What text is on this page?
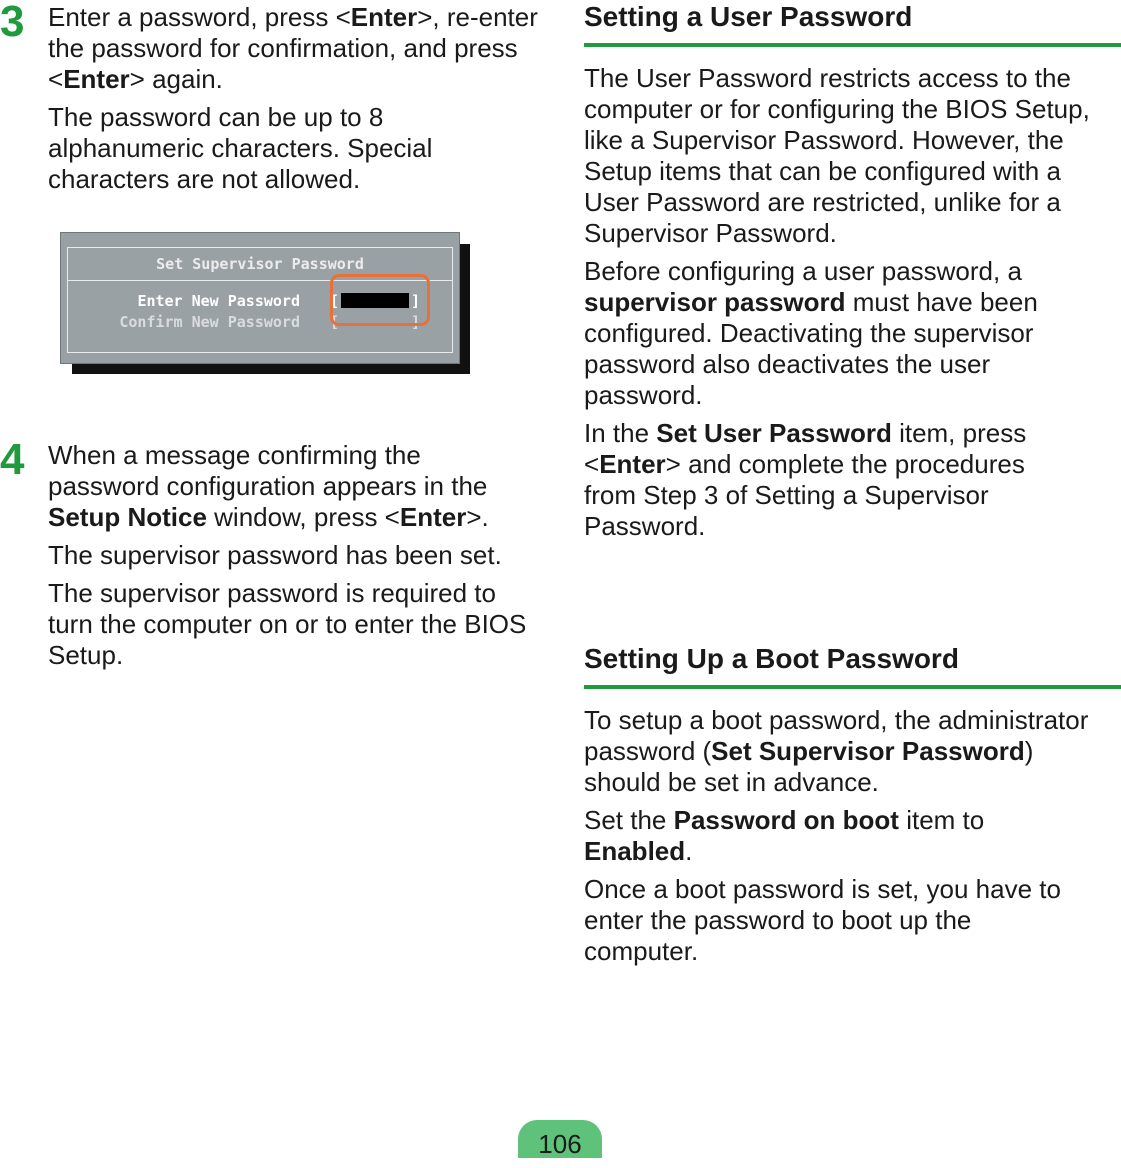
3 Enter a password, press <Enter>, re-enter the password for confirmation, and press <Enter> again.

The password can be up to 8 alphanumeric characters. Special characters are not allowed.

Set Supervisor Password
Enter New Password [	]
Confirm New Password [	]
4 When a message confirming the password configuration appears in the Setup Notice window, press <Enter>.

The supervisor password has been set.

The supervisor password is required to turn the computer on or to enter the BIOS Setup.

Setting a User Password

The User Password restricts access to the computer or for configuring the BIOS Setup, like a Supervisor Password. However, the Setup items that can be configured with a User Password are restricted, unlike for a Supervisor Password.

Before configuring a user password, a supervisor password must have been configured. Deactivating the supervisor password also deactivates the user password.

In the Set User Password item, press <Enter> and complete the procedures from Step 3 of Setting a Supervisor Password.

Setting Up a Boot Password

To setup a boot password, the administrator password (Set Supervisor Password) should be set in advance.

Set the Password on boot item to Enabled.

Once a boot password is set, you have to enter the password to boot up the computer.

106
